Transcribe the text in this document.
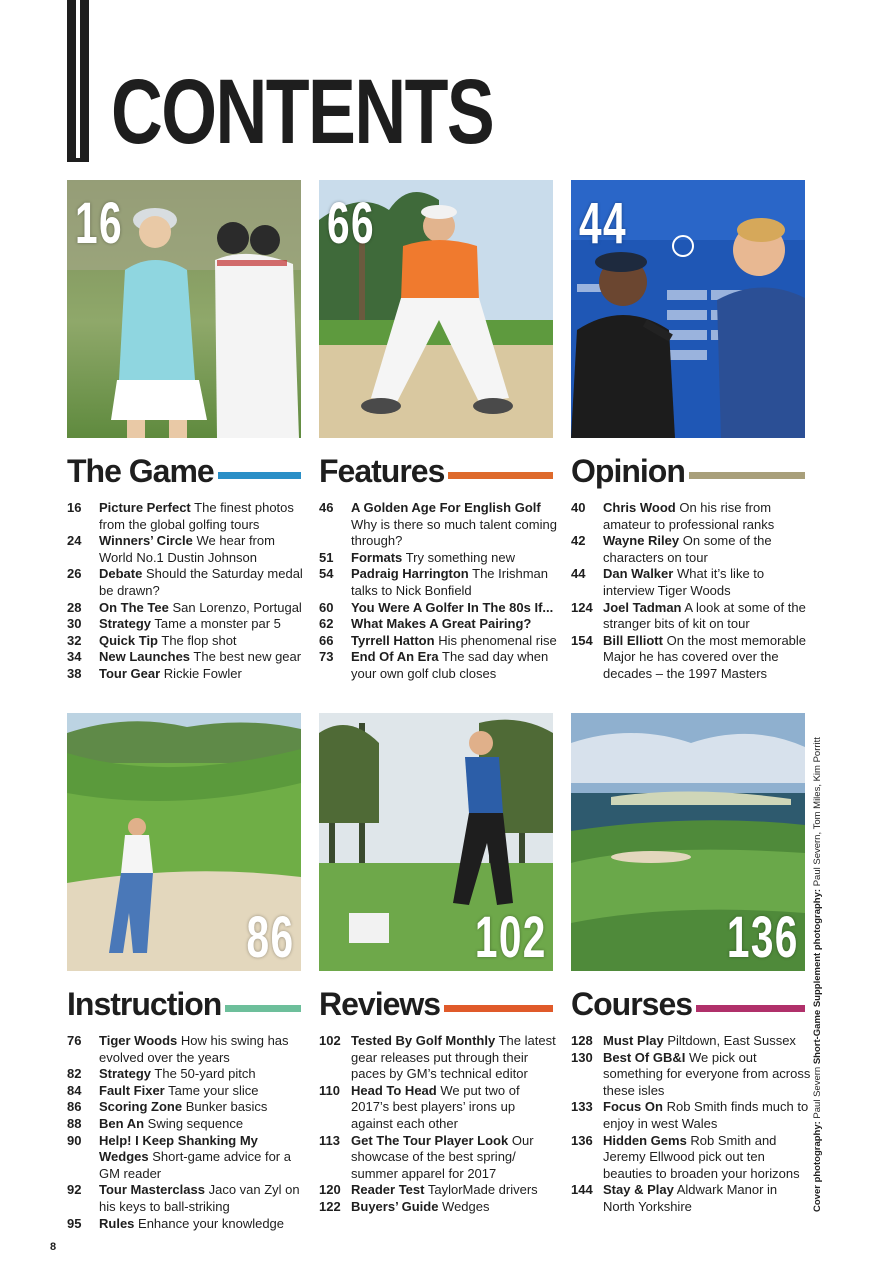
CONTENTS
16	66	44
The Game	Features	Opinion
16 Picture Perfect The finest photos from the global golfing tours
24 Winners’ Circle We hear from World No.1 Dustin Johnson
26 Debate Should the Saturday medal be drawn?
28 On The Tee San Lorenzo, Portugal
30 Strategy Tame a monster par 5
32 Quick Tip The flop shot
34 New Launches The best new gear
38 Tour Gear Rickie Fowler
46 A Golden Age For English Golf Why is there so much talent coming through?
51 Formats Try something new
54 Padraig Harrington The Irishman talks to Nick Bonfield
60 You Were A Golfer In The 80s If...
62 What Makes A Great Pairing?
66 Tyrrell Hatton His phenomenal rise
73 End Of An Era The sad day when your own golf club closes
40 Chris Wood On his rise from amateur to professional ranks
42 Wayne Riley On some of the characters on tour
44 Dan Walker What it’s like to interview Tiger Woods
124 Joel Tadman A look at some of the stranger bits of kit on tour
154 Bill Elliott On the most memorable Major he has covered over the decades – the 1997 Masters
86	102	136
Instruction	Reviews	Courses
76 Tiger Woods How his swing has evolved over the years
82 Strategy The 50-yard pitch
84 Fault Fixer Tame your slice
86 Scoring Zone Bunker basics
88 Ben An Swing sequence
90 Help! I Keep Shanking My Wedges Short-game advice for a GM reader
92 Tour Masterclass Jaco van Zyl on his keys to ball-striking
95 Rules Enhance your knowledge
102 Tested By Golf Monthly The latest gear releases put through their paces by GM’s technical editor
110 Head To Head We put two of 2017’s best players’ irons up against each other
113 Get The Tour Player Look Our showcase of the best spring/ summer apparel for 2017
120 Reader Test TaylorMade drivers
122 Buyers’ Guide Wedges
128 Must Play Piltdown, East Sussex
130 Best Of GB&I We pick out something for everyone from across these isles
133 Focus On Rob Smith finds much to enjoy in west Wales
136 Hidden Gems Rob Smith and Jeremy Ellwood pick out ten beauties to broaden your horizons
144 Stay & Play Aldwark Manor in North Yorkshire
8
Cover photography: Paul Severn Short-Game Supplement photography: Paul Severn, Tom Miles, Kim Porritt
